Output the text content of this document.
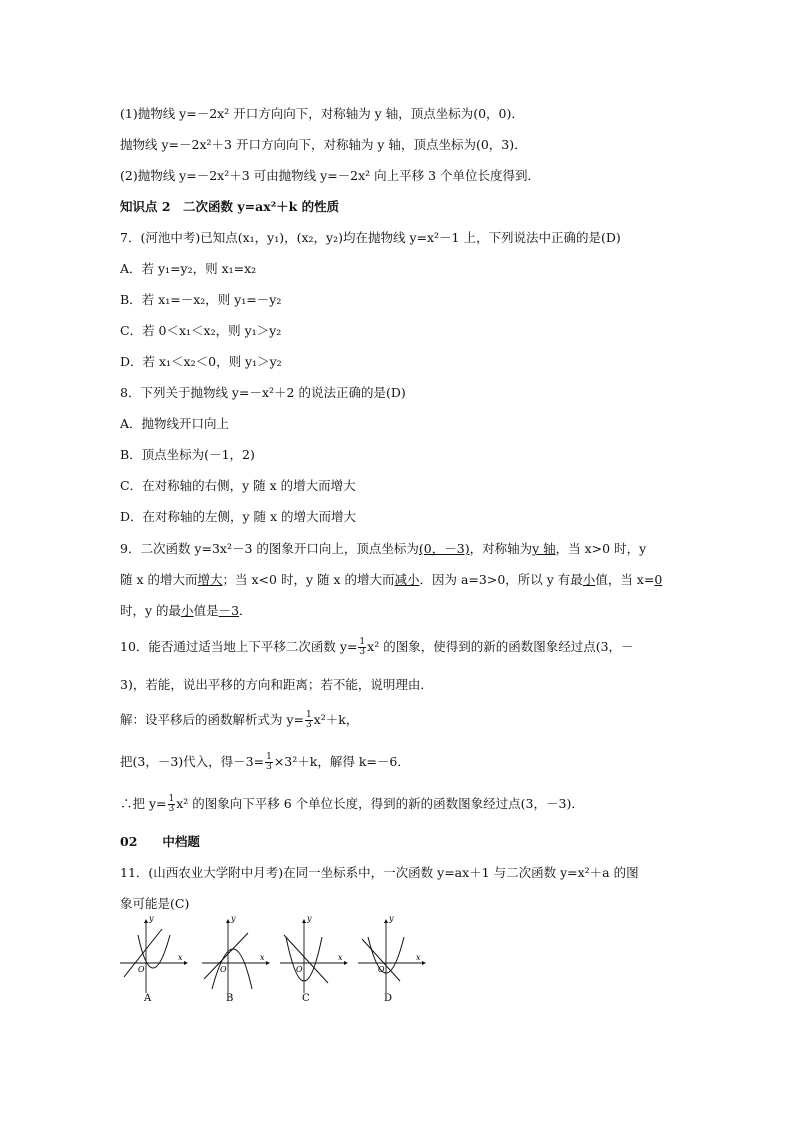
(1)抛物线 y=－2x² 开口方向向下，对称轴为 y 轴，顶点坐标为(0，0)．
抛物线 y=－2x²＋3 开口方向向下，对称轴为 y 轴，顶点坐标为(0，3)．
(2)抛物线 y=－2x²＋3 可由抛物线 y=－2x² 向上平移 3 个单位长度得到．
知识点 2　二次函数 y=ax²＋k 的性质
7．(河池中考)已知点(x₁，y₁)，(x₂，y₂)均在抛物线 y=x²－1 上，下列说法中正确的是(D)
A．若 y₁=y₂，则 x₁=x₂
B．若 x₁=－x₂，则 y₁=－y₂
C．若 0＜x₁＜x₂，则 y₁＞y₂
D．若 x₁＜x₂＜0，则 y₁＞y₂
8．下列关于抛物线 y=－x²＋2 的说法正确的是(D)
A．抛物线开口向上
B．顶点坐标为(－1，2)
C．在对称轴的右侧，y 随 x 的增大而增大
D．在对称轴的左侧，y 随 x 的增大而增大
9．二次函数 y=3x²－3 的图象开口向上，顶点坐标为(0，－3)，对称轴为y 轴，当 x>0 时，y
随 x 的增大而增大；当 x<0 时，y 随 x 的增大而减小．因为 a=3>0，所以 y 有最小值，当 x=0
时，y 的最小值是－3．
10．能否通过适当地上下平移二次函数 $y= \frac{1}{3} x^2$ 的图象，使得到的新的函数图象经过点(3，－
3)，若能，说出平移的方向和距离；若不能，说明理由．
解：设平移后的函数解析式为 $y= \frac{1}{3} x^2+k$，
把(3，－3)代入，得$-3= \frac{1}{3} \times 3^2+k$，解得 k=－6．
∴把 $y= \frac{1}{3} x^2$ 的图象向下平移 6 个单位长度，得到的新的函数图象经过点(3，－3)．
02　　中档题
11．(山西农业大学附中月考)在同一坐标系中，一次函数 y=ax＋1 与二次函数 y=x²＋a 的图
象可能是(C)
y
x
O
A
y
x
O
B
y
x
O
C
y
x
O
D
